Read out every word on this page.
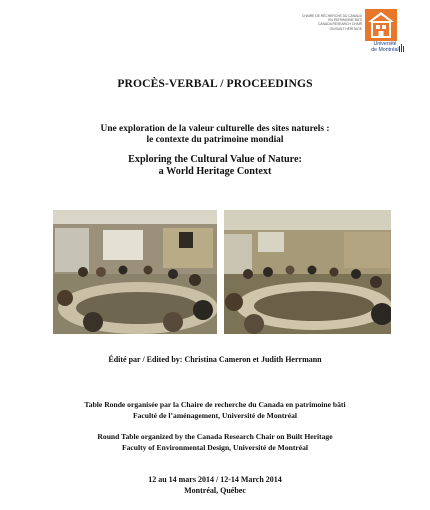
CHAIRE DE RECHERCHE DU CANADA
EN PATRIMOINE BÂTI
CANADA RESEARCH CHAIR
ON BUILT HERITAGE
Université
de Montréal
PROCÈS-VERBAL / PROCEEDINGS
Une exploration de la valeur culturelle des sites naturels :
le contexte du patrimoine mondial
Exploring the Cultural Value of Nature:
a World Heritage Context
Édité par / Edited by: Christina Cameron et Judith Herrmann
Table Ronde organisée par la Chaire de recherche du Canada en patrimoine bâti
Faculté de l’aménagement, Université de Montréal
Round Table organized by the Canada Research Chair on Built Heritage
Faculty of Environmental Design, Université de Montréal
12 au 14 mars 2014 / 12-14 March 2014
Montréal, Québec
